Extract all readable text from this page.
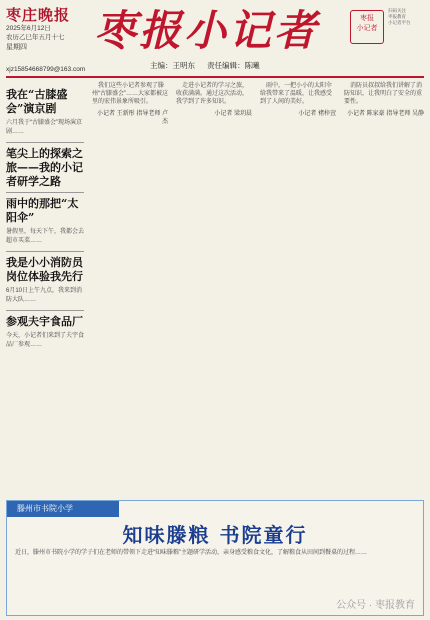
枣庄晚报
2025年6月12日
农历乙巳年五月十七
星期四
xjz15854668799@163.com
枣报小记者	枣报
小记者
扫码关注
枣报教育
小记者平台
主编：王明东 责任编辑：陈曦
我在“古膝盛会”演京剧
六月我于“古膝盛会”现场演京剧……
笔尖上的探索之旅——我的小记者研学之路
雨中的那把“太阳伞”
暑假里，每天下午，我都会去超市买菜……
我是小小消防员 岗位体验我先行
6月10日上午九点，我来到消防大队……
参观夫宇食品厂
今天，小记者们来到了夫宇食品厂参观……

我们这些小记者参观了滕州“古膝盛会”……大家都被这里的宏伟景象所吸引。

小记者 王新彤 指导老师 卢杰

走进小记者的学习之旅，收获满满。通过这次活动，我学到了许多知识。

小记者 梁玥晨

雨中，一把小小的太阳伞给我带来了温暖，让我感受到了人间的美好。

小记者 褚梓萱

消防员叔叔给我们讲解了消防知识，让我明白了安全的重要性。

小记者 陈家豪 指导老师 吴静
滕州市书院小学
知味滕粮 书院童行
近日，滕州市书院小学的学子们在老师的带领下走进“知味滕粮”主题研学活动，亲身感受粮食文化，了解粮食从田间到餐桌的过程……
公众号 · 枣报教育
